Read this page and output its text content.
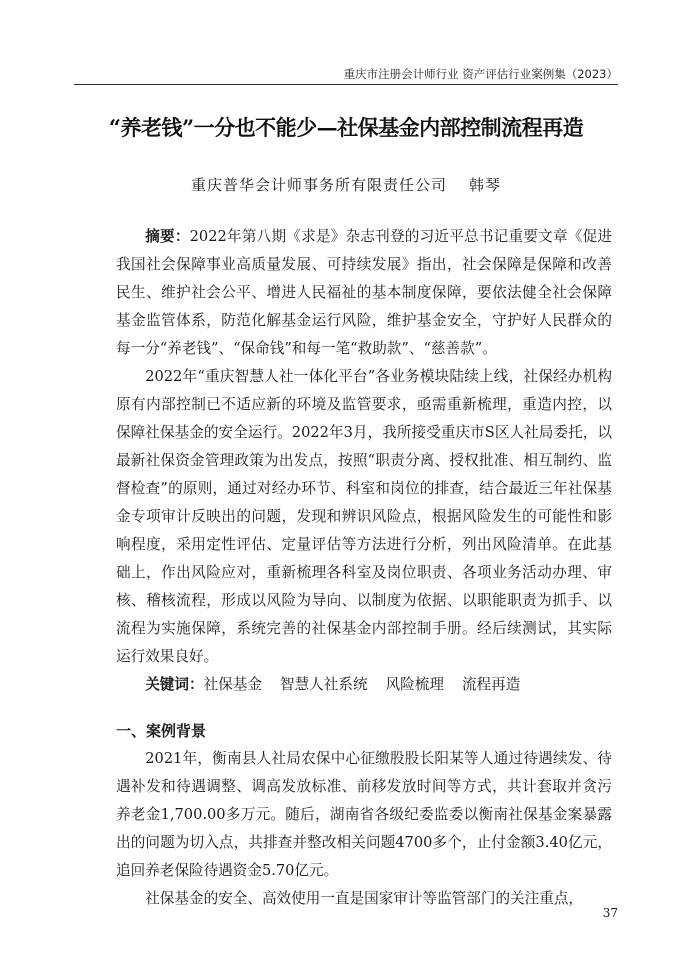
重庆市注册会计师行业 资产评估行业案例集（2023）
“养老钱”一分也不能少—社保基金内部控制流程再造
重庆普华会计师事务所有限责任公司 韩琴

摘要：2022年第八期《求是》杂志刊登的习近平总书记重要文章《促进我国社会保障事业高质量发展、可持续发展》指出，社会保障是保障和改善民生、维护社会公平、增进人民福祉的基本制度保障，要依法健全社会保障基金监管体系，防范化解基金运行风险，维护基金安全，守护好人民群众的每一分“养老钱”、“保命钱”和每一笔“救助款”、“慈善款”。

2022年“重庆智慧人社一体化平台”各业务模块陆续上线，社保经办机构原有内部控制已不适应新的环境及监管要求，亟需重新梳理，重造内控，以保障社保基金的安全运行。2022年3月，我所接受重庆市S区人社局委托，以最新社保资金管理政策为出发点，按照“职责分离、授权批准、相互制约、监督检查”的原则，通过对经办环节、科室和岗位的排查，结合最近三年社保基金专项审计反映出的问题，发现和辨识风险点，根据风险发生的可能性和影响程度，采用定性评估、定量评估等方法进行分析，列出风险清单。在此基础上，作出风险应对，重新梳理各科室及岗位职责、各项业务活动办理、审核、稽核流程，形成以风险为导向、以制度为依据、以职能职责为抓手、以流程为实施保障，系统完善的社保基金内部控制手册。经后续测试，其实际运行效果良好。

关键词：社保基金 智慧人社系统 风险梳理 流程再造

一、案例背景

2021年，衡南县人社局农保中心征缴股股长阳某等人通过待遇续发、待遇补发和待遇调整、调高发放标准、前移发放时间等方式，共计套取并贪污养老金1,700.00多万元。随后，湖南省各级纪委监委以衡南社保基金案暴露出的问题为切入点，共排查并整改相关问题4700多个，止付金额3.40亿元，追回养老保险待遇资金5.70亿元。

社保基金的安全、高效使用一直是国家审计等监管部门的关注重点，

37
